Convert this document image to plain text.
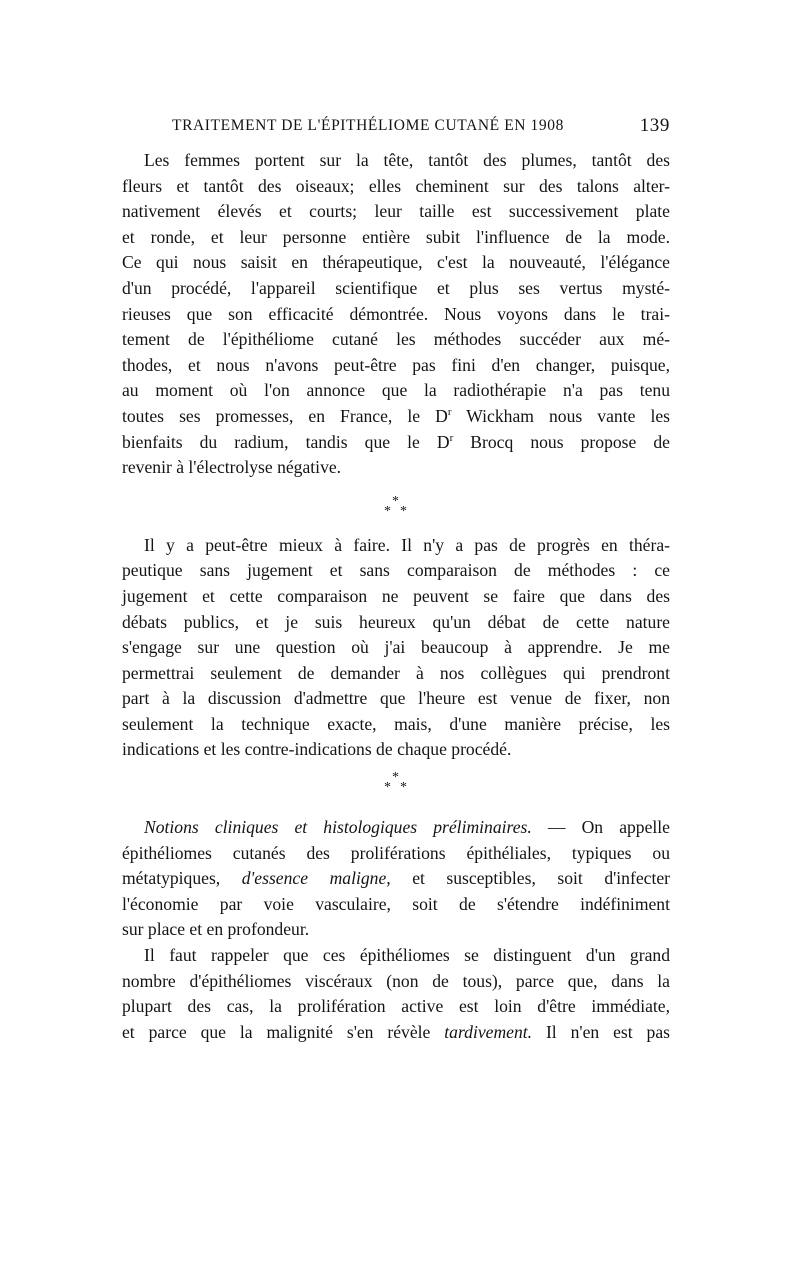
TRAITEMENT DE L'ÉPITHÉLIOME CUTANÉ EN 1908	139

Les femmes portent sur la tête, tantôt des plumes, tantôt des
fleurs et tantôt des oiseaux; elles cheminent sur des talons alter-
nativement élevés et courts; leur taille est successivement plate
et ronde, et leur personne entière subit l'influence de la mode.
Ce qui nous saisit en thérapeutique, c'est la nouveauté, l'élégance
d'un procédé, l'appareil scientifique et plus ses vertus mysté-
rieuses que son efficacité démontrée. Nous voyons dans le trai-
tement de l'épithéliome cutané les méthodes succéder aux mé-
thodes, et nous n'avons peut-être pas fini d'en changer, puisque,
au moment où l'on annonce que la radiothérapie n'a pas tenu
toutes ses promesses, en France, le $D^r$ Wickham nous vante les
bienfaits du radium, tandis que le $D^r$ Brocq nous propose de
revenir à l'électrolyse négative.

*
* *

Il y a peut-être mieux à faire. Il n'y a pas de progrès en théra-
peutique sans jugement et sans comparaison de méthodes : ce
jugement et cette comparaison ne peuvent se faire que dans des
débats publics, et je suis heureux qu'un débat de cette nature
s'engage sur une question où j'ai beaucoup à apprendre. Je me
permettrai seulement de demander à nos collègues qui prendront
part à la discussion d'admettre que l'heure est venue de fixer, non
seulement la technique exacte, mais, d'une manière précise, les
indications et les contre-indications de chaque procédé.

*
* *

Notions cliniques et histologiques préliminaires. — On appelle
épithéliomes cutanés des proliférations épithéliales, typiques ou
métatypiques, d'essence maligne, et susceptibles, soit d'infecter
l'économie par voie vasculaire, soit de s'étendre indéfiniment
sur place et en profondeur.

Il faut rappeler que ces épithéliomes se distinguent d'un grand
nombre d'épithéliomes viscéraux (non de tous), parce que, dans la
plupart des cas, la prolifération active est loin d'être immédiate,
et parce que la malignité s'en révèle tardivement. Il n'en est pas
